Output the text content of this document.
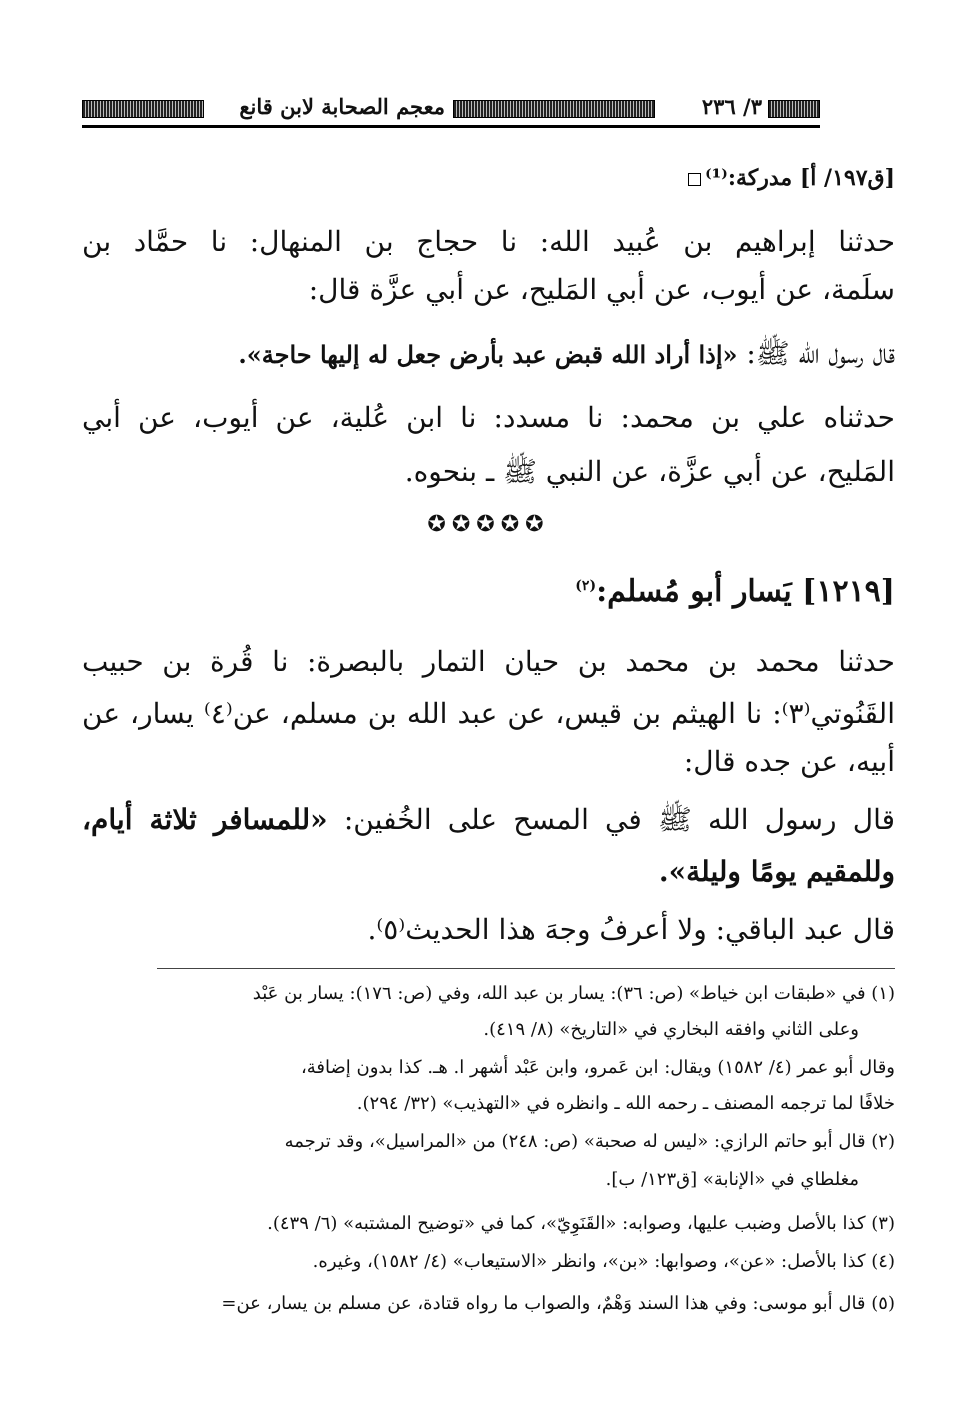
٣/ ٢٣٦
معجم الصحابة لابن قانع
[ق١٩٧/ أ] مدركة:⁽¹⁾
حدثنا إبراهيم بن عُبيد الله: نا حجاج بن المنهال: نا حمَّاد بن
سلَمة، عن أيوب، عن أبي المَليح، عن أبي عزَّة قال:
قال رسول الله ﷺ: «إذا أراد الله قبض عبد بأرض جعل له إليها حاجة».
حدثناه علي بن محمد: نا مسدد: نا ابن عُلية، عن أيوب، عن أبي
المَليح، عن أبي عزَّة، عن النبي ﷺ ـ بنحوه.
✪✪✪✪✪
[١٢١٩] يَسار أبو مُسلم:$^{(٢)}$
حدثنا محمد بن محمد بن حيان التمار بالبصرة: نا قُرة بن حبيب
القَنُوتي⁽٣⁾: نا الهيثم بن قيس، عن عبد الله بن مسلم، عن⁽٤⁾ يسار، عن
أبيه، عن جده قال:
قال رسول الله ﷺ في المسح على الخُفين: «للمسافر ثلاثة أيام،
وللمقيم يومًا وليلة».
قال عبد الباقي: ولا أعرفُ وجهَ هذا الحديث⁽٥⁾.
(١) في «طبقات ابن خياط» (ص: ٣٦): يسار بن عبد الله، وفي (ص: ١٧٦): يسار بن عَبْد
وعلى الثاني وافقه البخاري في «التاريخ» (٨/ ٤١٩).
وقال أبو عمر (٤/ ١٥٨٢) ويقال: ابن عَمرو، وابن عَبْد أشهر ا. هـ. كذا بدون إضافة،
خلافًا لما ترجمه المصنف ـ رحمه الله ـ وانظره في «التهذيب» (٣٢/ ٢٩٤).
(٢) قال أبو حاتم الرازي: «ليس له صحبة» (ص: ٢٤٨) من «المراسيل»، وقد ترجمه
مغلطاي في «الإنابة» [ق١٢٣/ ب].
(٣) كذا بالأصل وضبب عليها، وصوابه: «القَنَوِيّ»، كما في «توضيح المشتبه» (٦/ ٤٣٩).
(٤) كذا بالأصل: «عن»، وصوابها: «بن»، وانظر «الاستيعاب» (٤/ ١٥٨٢)، وغيره.
(٥) قال أبو موسى: وفي هذا السند وَهْمٌ، والصواب ما رواه قتادة، عن مسلم بن يسار، عن=
